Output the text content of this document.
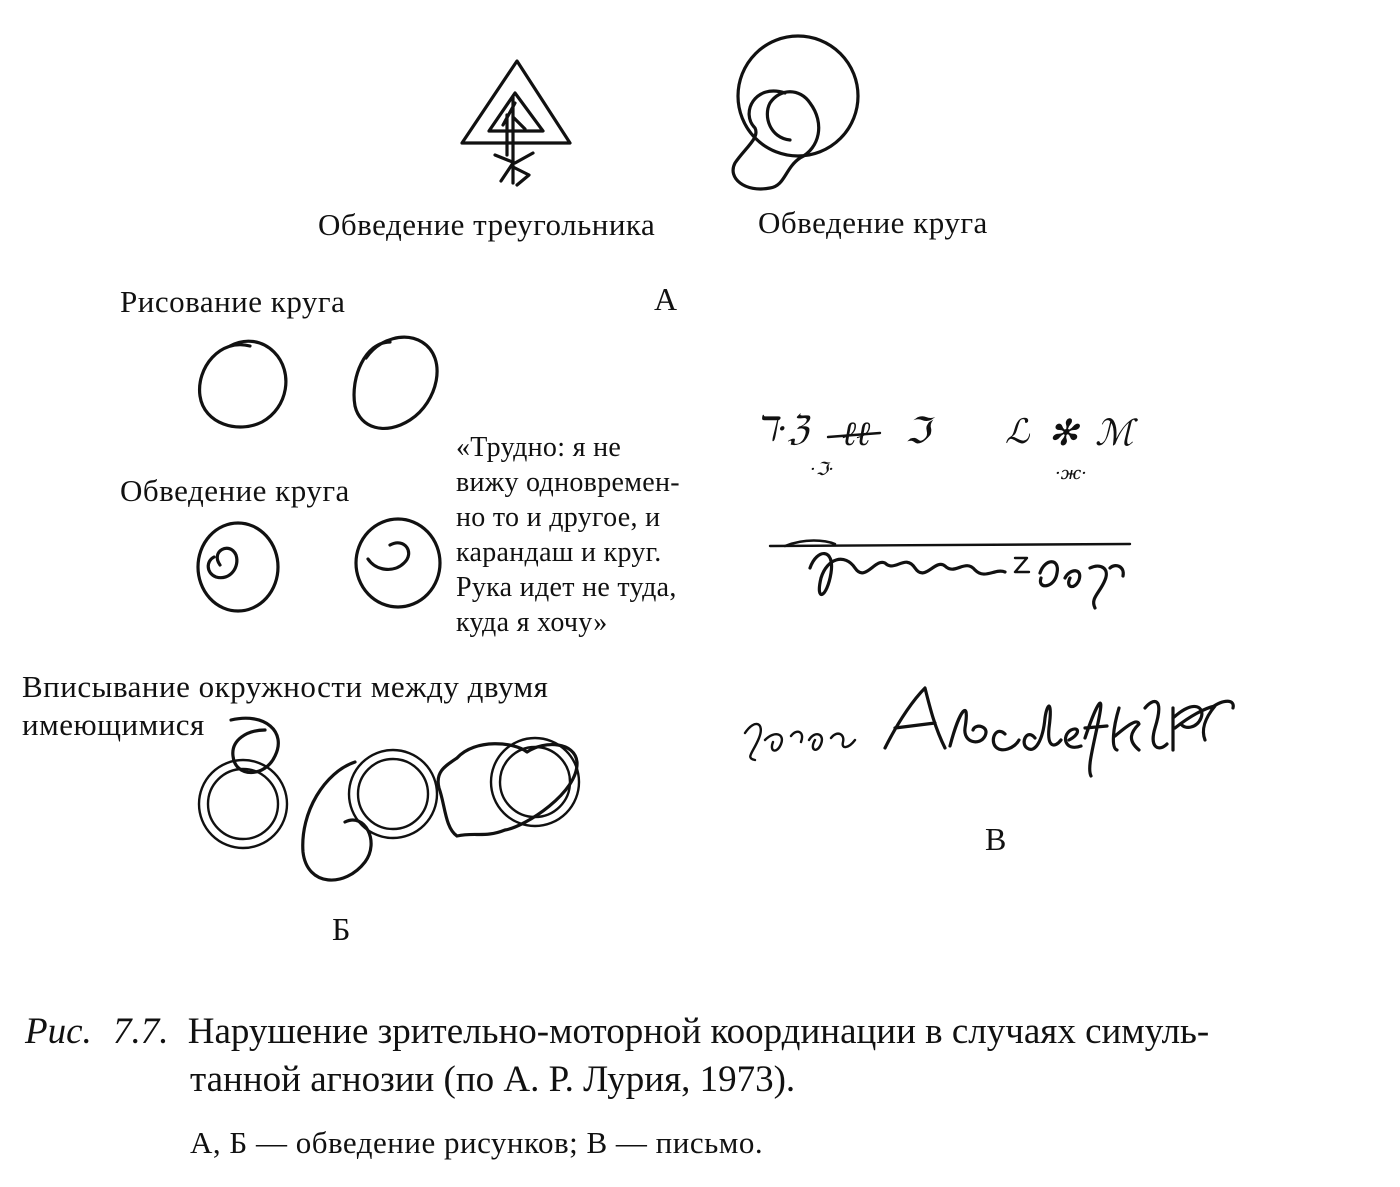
Обведение треугольника	Обведение круга
А
Рисование круга
Обведение круга
«Трудно: я не
вижу одновремен-
но то и другое, и
карандаш и круг.
Рука идет не туда,
куда я хочу»
Вписывание окружности между двумя
имеющимися
Б
ℸ·ℨ ℓℓ ℑ ℒ ✻ ℳ
·ℑ·	·ж·
В
Рис. 7.7. Нарушение зрительно-моторной координации в случаях симуль-
танной агнозии (по А. Р. Лурия, 1973).
А, Б — обведение рисунков; В — письмо.
